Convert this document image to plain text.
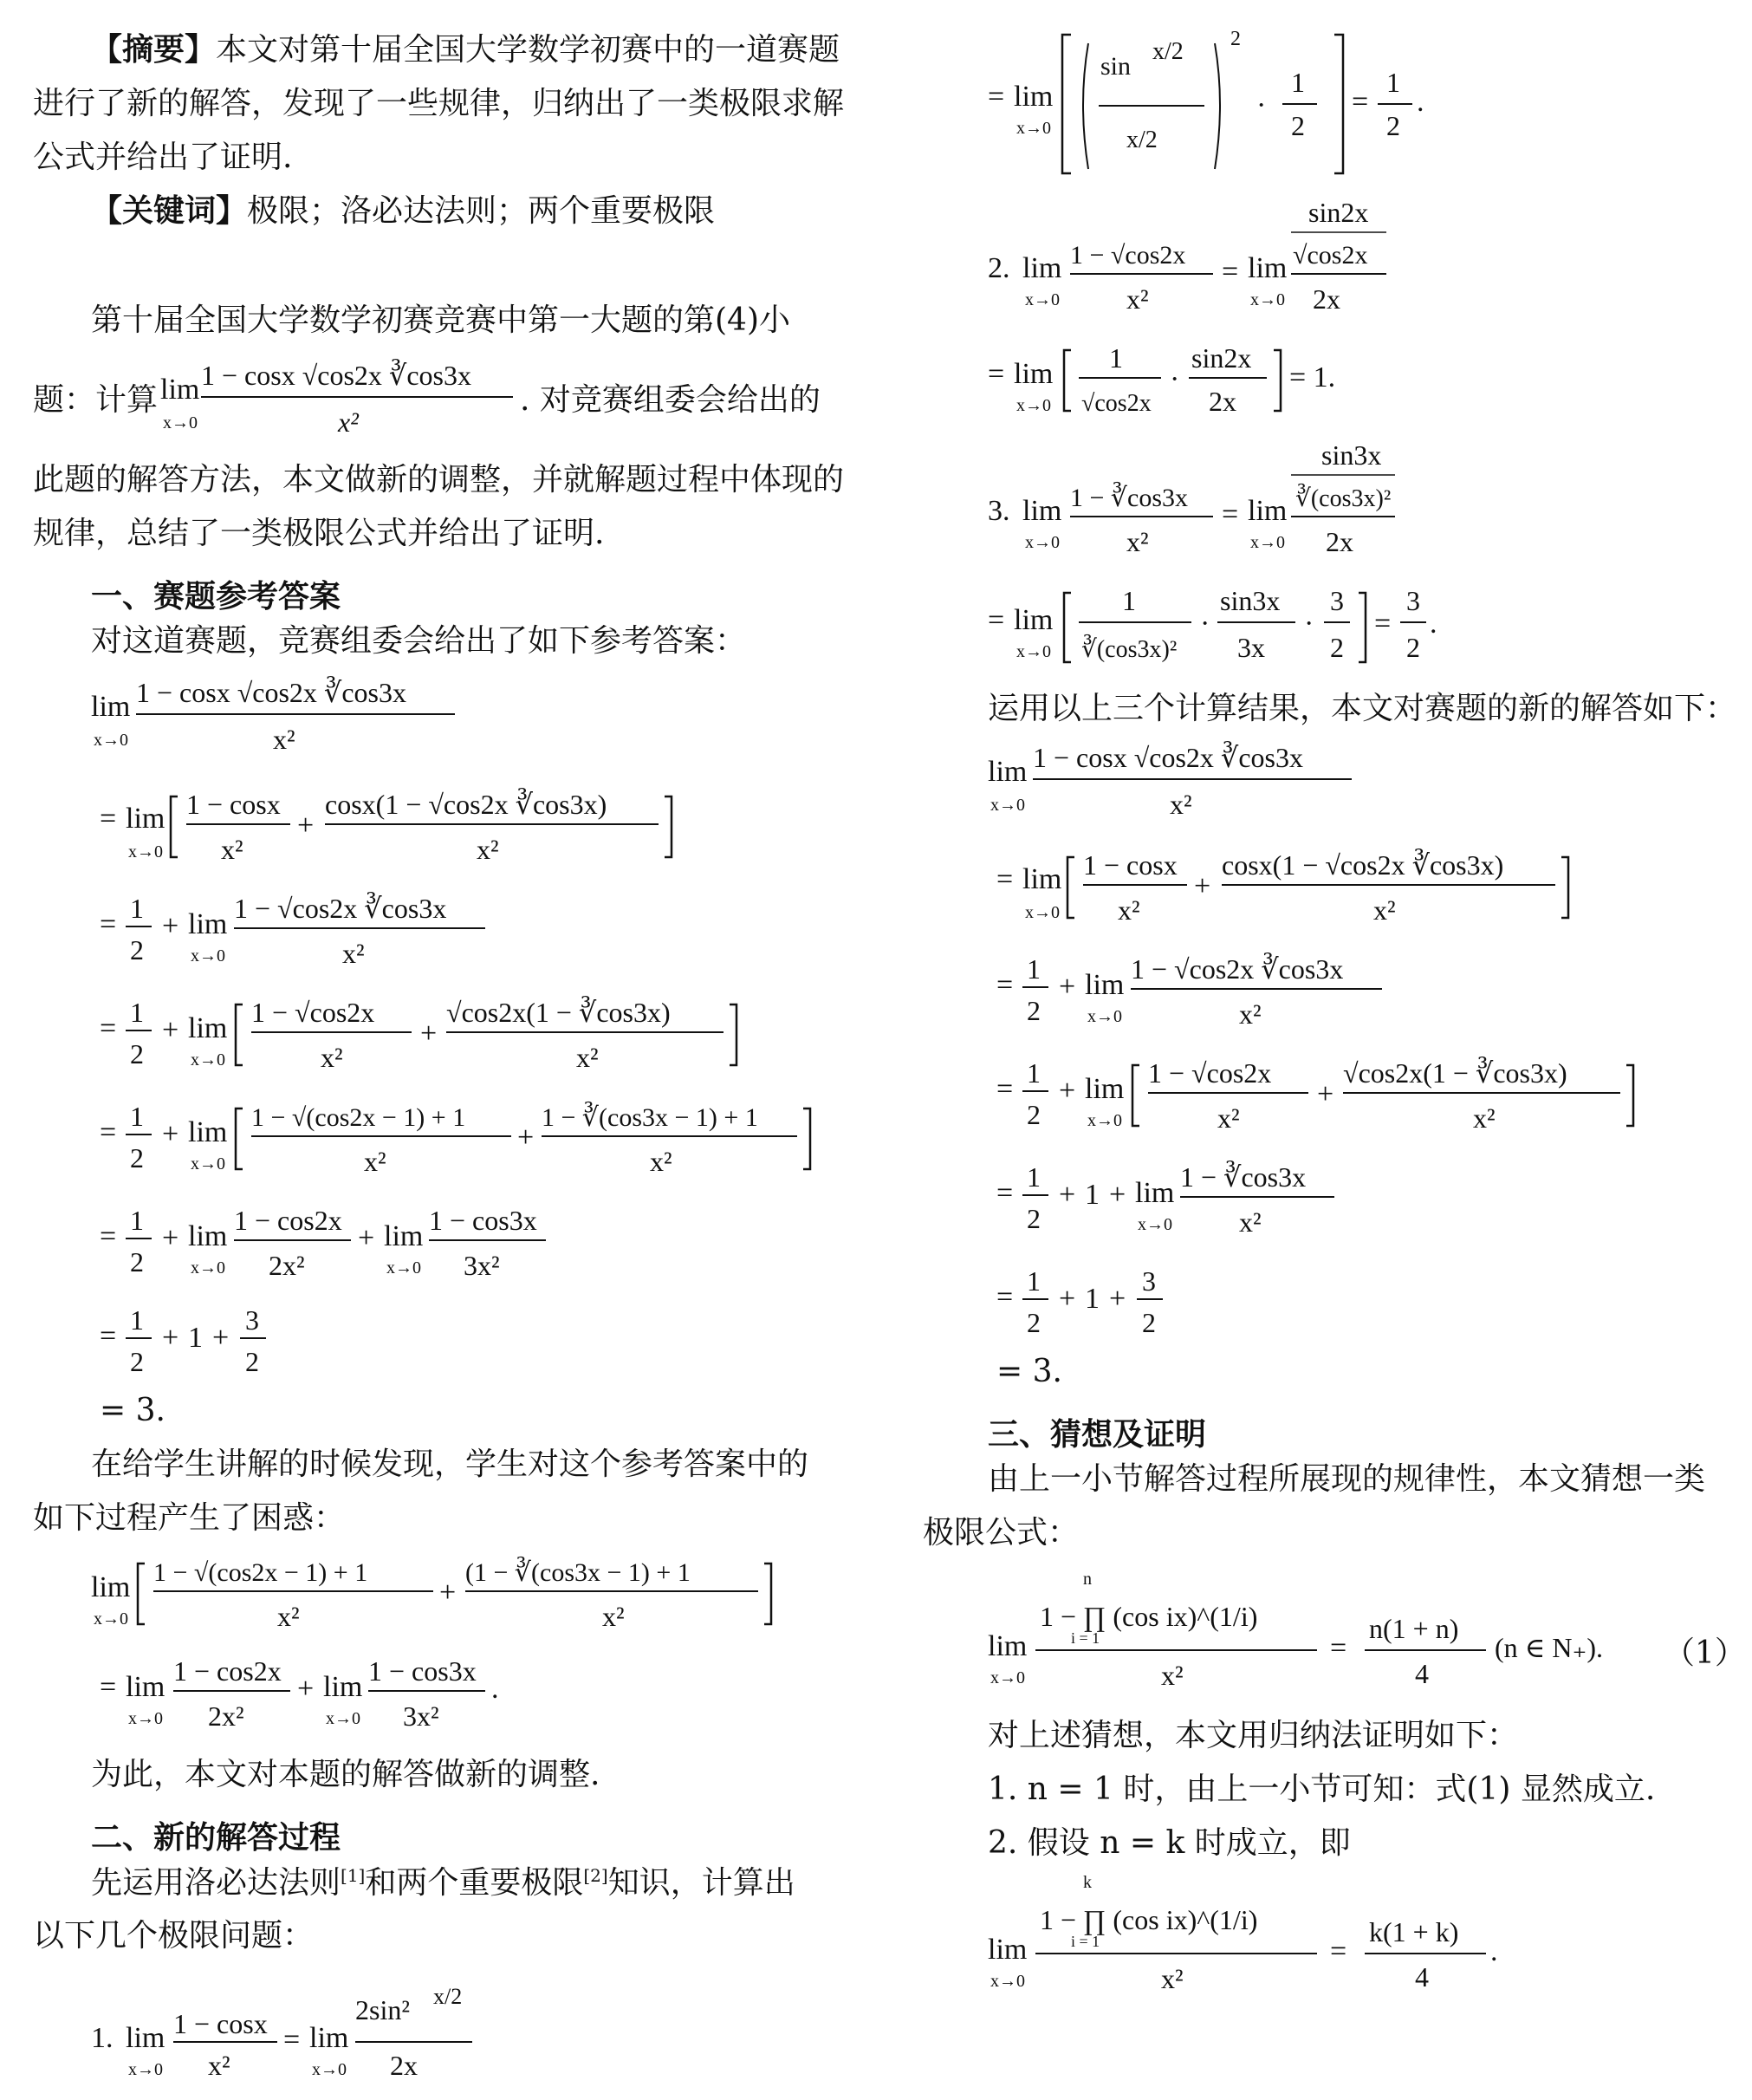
【摘要】本文对第十届全国大学数学初赛中的一道赛题
进行了新的解答，发现了一些规律，归纳出了一类极限求解
公式并给出了证明.
【关键词】极限；洛必达法则；两个重要极限
第十届全国大学数学初赛竞赛中第一大题的第(4)小
题：计算 lim
x→0
1 − cosx √cos2x ∛cos3x
x²
. 对竞赛组委会给出的
此题的解答方法，本文做新的调整，并就解题过程中体现的
规律，总结了一类极限公式并给出了证明.
一、赛题参考答案
对这道赛题，竞赛组委会给出了如下参考答案：
lim
x→0
1 − cosx √cos2x ∛cos3x
x²
= lim
x→0
1 − cosx
x²
+
cosx(1 − √cos2x ∛cos3x)
x²
= 1
2
+ lim
x→0
1 − √cos2x ∛cos3x
x²
= 1
2
+ lim
x→0
1 − √cos2x
x²
+
√cos2x(1 − ∛cos3x)
x²
= 1
2
+ lim
x→0
1 − √(cos2x − 1) + 1
x²
+
1 − ∛(cos3x − 1) + 1
x²
= 1
2
+ lim
x→0
1 − cos2x
2x²
+ lim
x→0
1 − cos3x
3x²
= 1
2
+ 1 +
3
2
= 3.
在给学生讲解的时候发现，学生对这个参考答案中的
如下过程产生了困惑：
lim
x→0
1 − √(cos2x − 1) + 1
x²
+
(1 − ∛(cos3x − 1) + 1
x²
= lim
x→0
1 − cos2x
2x²
+ lim
x→0
1 − cos3x
3x²
.
为此，本文对本题的解答做新的调整.
二、新的解答过程
先运用洛必达法则[1]和两个重要极限[2]知识，计算出
以下几个极限问题：
1. lim
x→0
1 − cosx
x²
= lim
x→0
2sin² x/2
2x
= lim
x→0
sin
x/2
x/2
2
·
1
2
=
1
2
.
2. lim
x→0
1 − √cos2x
x²
= lim
x→0
sin2x
√cos2x
2x
= lim
x→0
1
√cos2x
·
sin2x
2x
= 1.
3. lim
x→0
1 − ∛cos3x
x²
= lim
x→0
sin3x
∛(cos3x)²
2x
= lim
x→0
1
∛(cos3x)²
·
sin3x
3x
·
3
2
=
3
2
.
运用以上三个计算结果，本文对赛题的新的解答如下：
lim
x→0
1 − cosx √cos2x ∛cos3x
x²
= lim
x→0
1 − cosx
x²
+
cosx(1 − √cos2x ∛cos3x)
x²
= 1
2
+ lim
x→0
1 − √cos2x ∛cos3x
x²
= 1
2
+ lim
x→0
1 − √cos2x
x²
+
√cos2x(1 − ∛cos3x)
x²
= 1
2
+ 1 + lim
x→0
1 − ∛cos3x
x²
= 1
2
+ 1 +
3
2
= 3.
三、猜想及证明
由上一小节解答过程所展现的规律性，本文猜想一类
极限公式：
lim
x→0
n
1 − ∏ (cos ix)^(1/i)
i = 1
x²
=
n(1 + n)
4
(n ∈ N₊). （1）
对上述猜想，本文用归纳法证明如下：
1. n = 1 时，由上一小节可知：式(1) 显然成立.
2. 假设 n = k 时成立，即
lim
x→0
k
1 − ∏ (cos ix)^(1/i)
i = 1
x²
=
k(1 + k)
4
.
